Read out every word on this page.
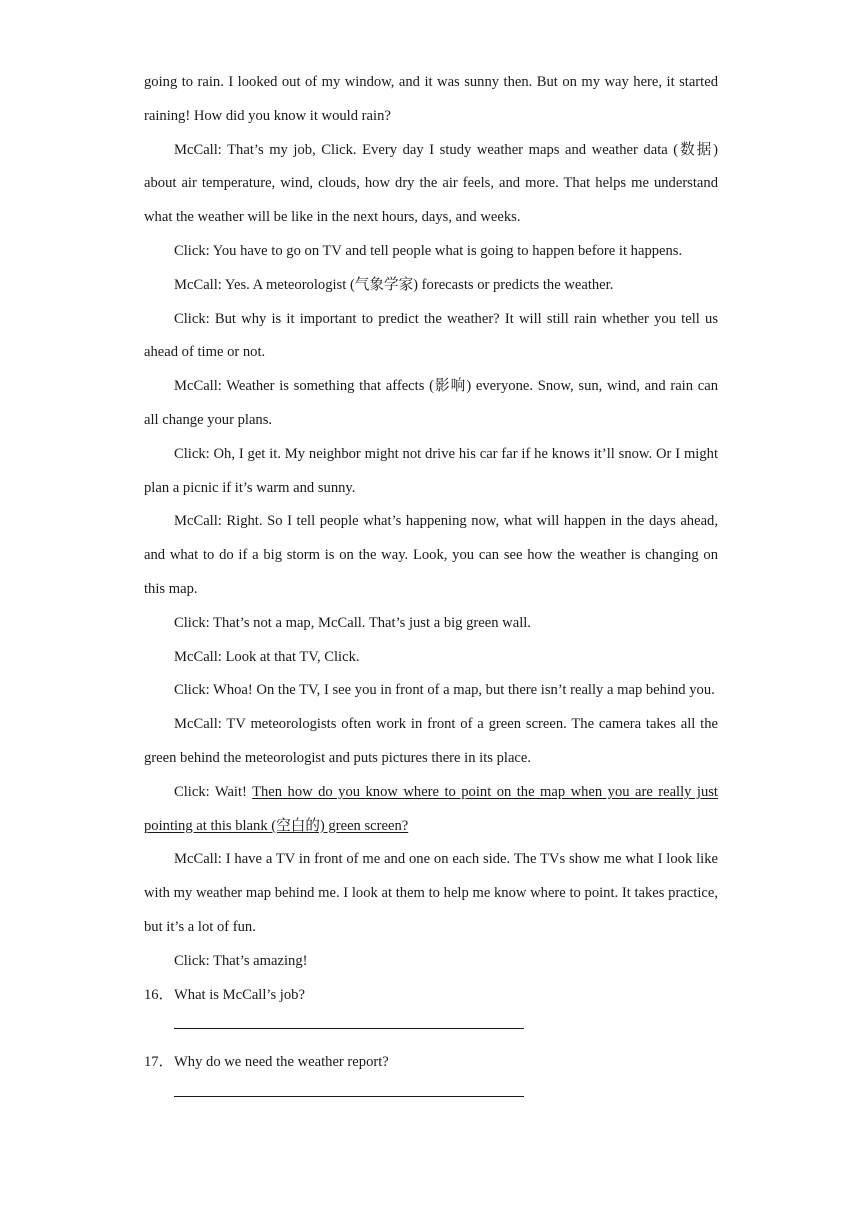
going to rain. I looked out of my window, and it was sunny then. But on my way here, it started raining! How did you know it would rain?

McCall: That’s my job, Click. Every day I study weather maps and weather data (数据) about air temperature, wind, clouds, how dry the air feels, and more. That helps me understand what the weather will be like in the next hours, days, and weeks.

Click: You have to go on TV and tell people what is going to happen before it happens.

McCall: Yes. A meteorologist (气象学家) forecasts or predicts the weather.

Click: But why is it important to predict the weather? It will still rain whether you tell us ahead of time or not.

McCall: Weather is something that affects (影响) everyone. Snow, sun, wind, and rain can all change your plans.

Click: Oh, I get it. My neighbor might not drive his car far if he knows it’ll snow. Or I might plan a picnic if it’s warm and sunny.

McCall: Right. So I tell people what’s happening now, what will happen in the days ahead, and what to do if a big storm is on the way. Look, you can see how the weather is changing on this map.

Click: That’s not a map, McCall. That’s just a big green wall.

McCall: Look at that TV, Click.

Click: Whoa! On the TV, I see you in front of a map, but there isn’t really a map behind you.

McCall: TV meteorologists often work in front of a green screen. The camera takes all the green behind the meteorologist and puts pictures there in its place.

Click: Wait! Then how do you know where to point on the map when you are really just pointing at this blank (空白的) green screen?

McCall: I have a TV in front of me and one on each side. The TVs show me what I look like with my weather map behind me. I look at them to help me know where to point. It takes practice, but it’s a lot of fun.

Click: That’s amazing!

16．What is McCall’s job?

17．Why do we need the weather report?
